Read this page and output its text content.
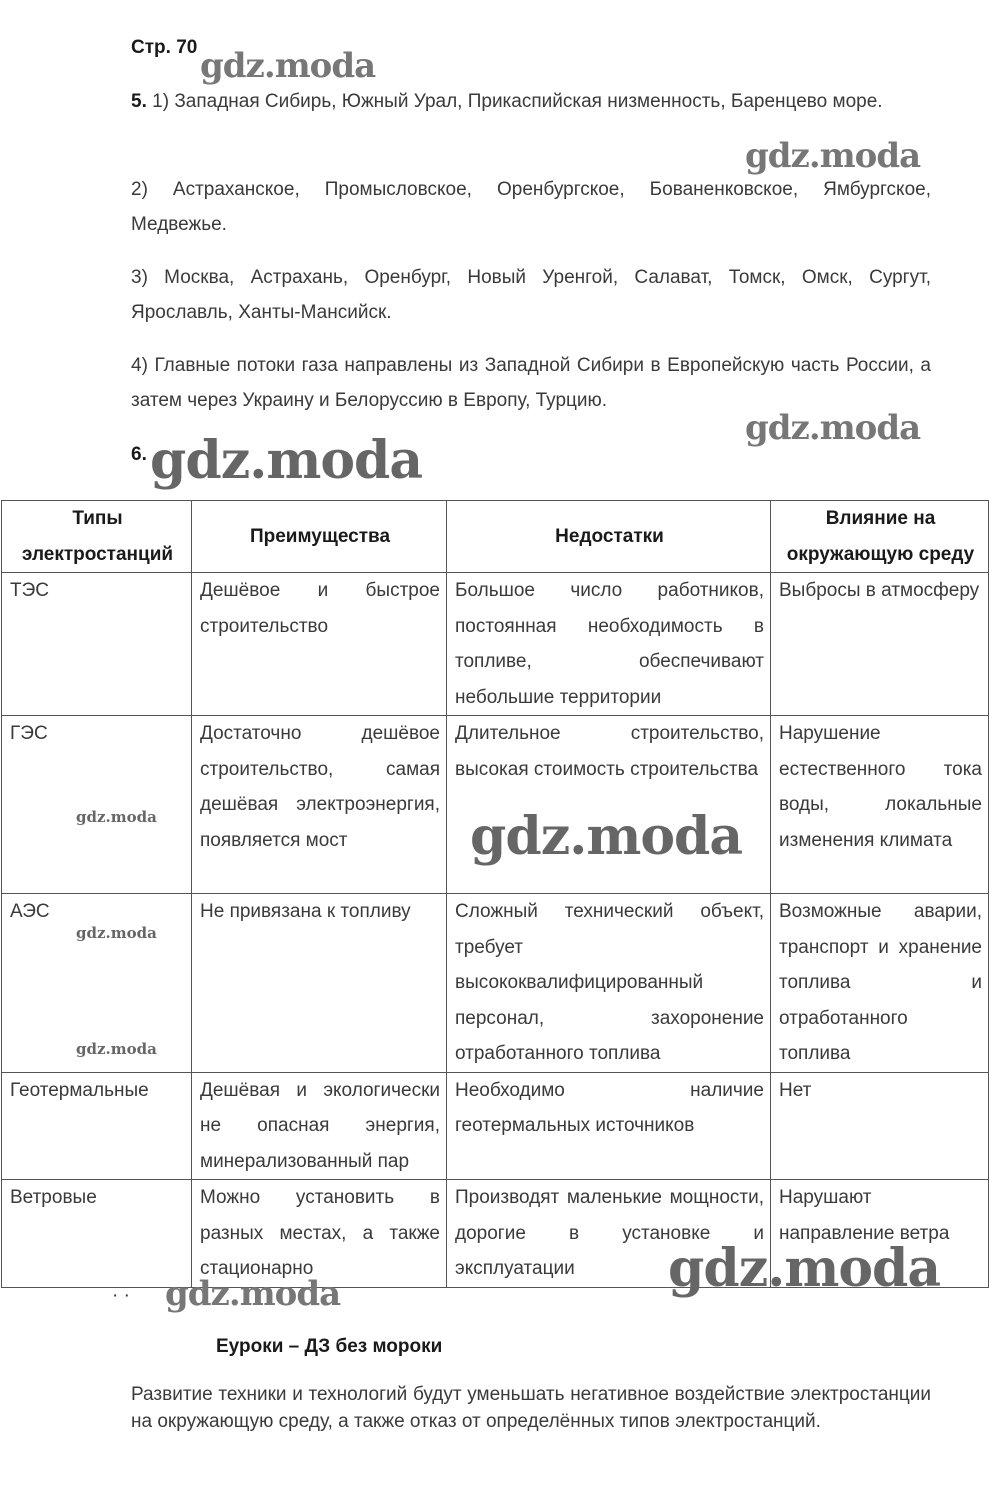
Стр. 70
5. 1) Западная Сибирь, Южный Урал, Прикаспийская низменность, Баренцево море.
2) Астраханское, Промысловское, Оренбургское, Бованенковское, Ямбургское, Медвежье.
3) Москва, Астрахань, Оренбург, Новый Уренгой, Салават, Томск, Омск, Сургут, Ярославль, Ханты-Мансийск.
4) Главные потоки газа направлены из Западной Сибири в Европейскую часть России, а затем через Украину и Белоруссию в Европу, Турцию.
6.
Типы электростанций	Преимущества	Недостатки	Влияние на окружающую среду
ТЭС	Дешёвое и быстрое строительство	Большое число работников, постоянная необходимость в топливе, обеспечивают небольшие территории	Выбросы в атмосферу
ГЭС	Достаточно дешёвое строительство, самая дешёвая электроэнергия, появляется мост	Длительное строительство, высокая стоимость строительства	Нарушение естественного тока воды, локальные изменения климата
АЭС	Не привязана к топливу	Сложный технический объект, требует высококвалифицированный персонал, захоронение отработанного топлива	Возможные аварии, транспорт и хранение топлива и отработанного топлива
Геотермальные	Дешёвая и экологически не опасная энергия, минерализованный пар	Необходимо наличие геотермальных источников	Нет
Ветровые	Можно установить в разных местах, а также стационарно	Производят маленькие мощности, дорогие в установке и эксплуатации	Нарушают направление ветра
gdz.moda
gdz.moda
gdz.moda
gdz.moda
gdz.moda	gdz.moda
gdz.moda
gdz.moda
gdz.moda
gdz.moda
· ·
Еуроки – ДЗ без мороки
Развитие техники и технологий будут уменьшать негативное воздействие электростанции на окружающую среду, а также отказ от определённых типов электростанций.
